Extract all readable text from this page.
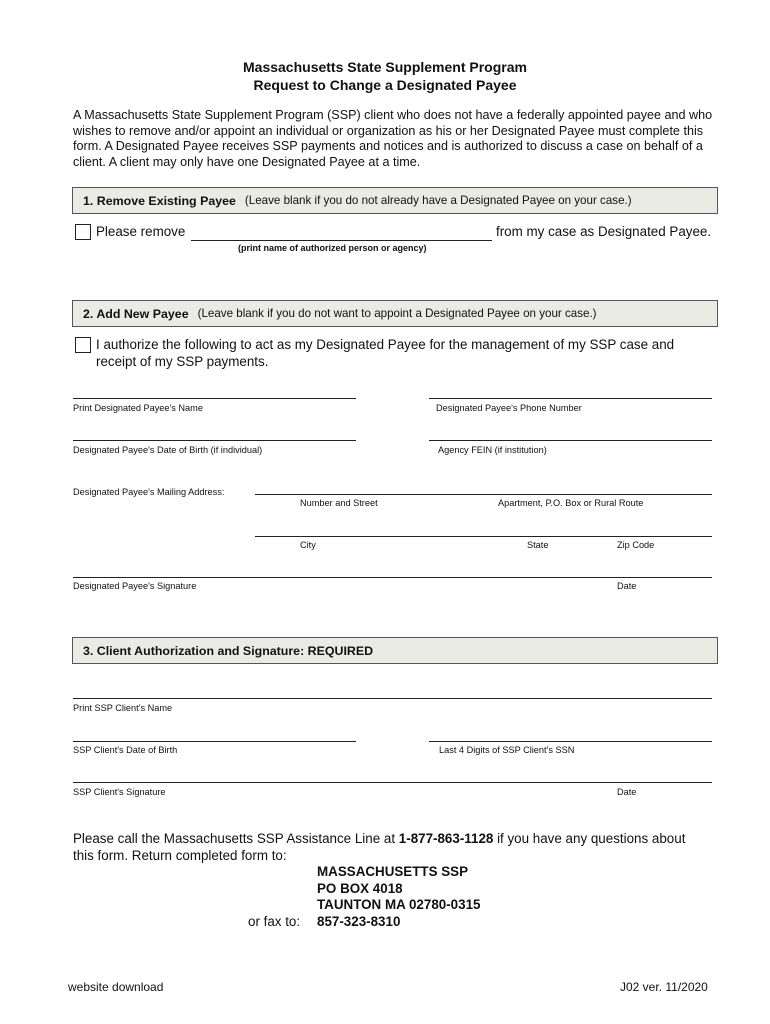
Massachusetts State Supplement Program
Request to Change a Designated Payee
A Massachusetts State Supplement Program (SSP) client who does not have a federally appointed payee and who wishes to remove and/or appoint an individual or organization as his or her Designated Payee must complete this form. A Designated Payee receives SSP payments and notices and is authorized to discuss a case on behalf of a client. A client may only have one Designated Payee at a time.
1. Remove Existing Payee (Leave blank if you do not already have a Designated Payee on your case.)
Please remove	from my case as Designated Payee.
(print name of authorized person or agency)
2. Add New Payee (Leave blank if you do not want to appoint a Designated Payee on your case.)
I authorize the following to act as my Designated Payee for the management of my SSP case and
receipt of my SSP payments.
Print Designated Payee's Name	Designated Payee's Phone Number
Designated Payee's Date of Birth (if individual)	Agency FEIN (if institution)
Designated Payee's Mailing Address:
Number and Street	Apartment, P.O. Box or Rural Route
City	State	Zip Code
Designated Payee's Signature	Date
3. Client Authorization and Signature: REQUIRED
Print SSP Client's Name
SSP Client's Date of Birth	Last 4 Digits of SSP Client's SSN
SSP Client's Signature	Date
Please call the Massachusetts SSP Assistance Line at 1-877-863-1128 if you have any questions about
this form. Return completed form to:
MASSACHUSETTS SSP
PO BOX 4018
TAUNTON MA 02780-0315
or fax to: 857-323-8310
website download	J02 ver. 11/2020
